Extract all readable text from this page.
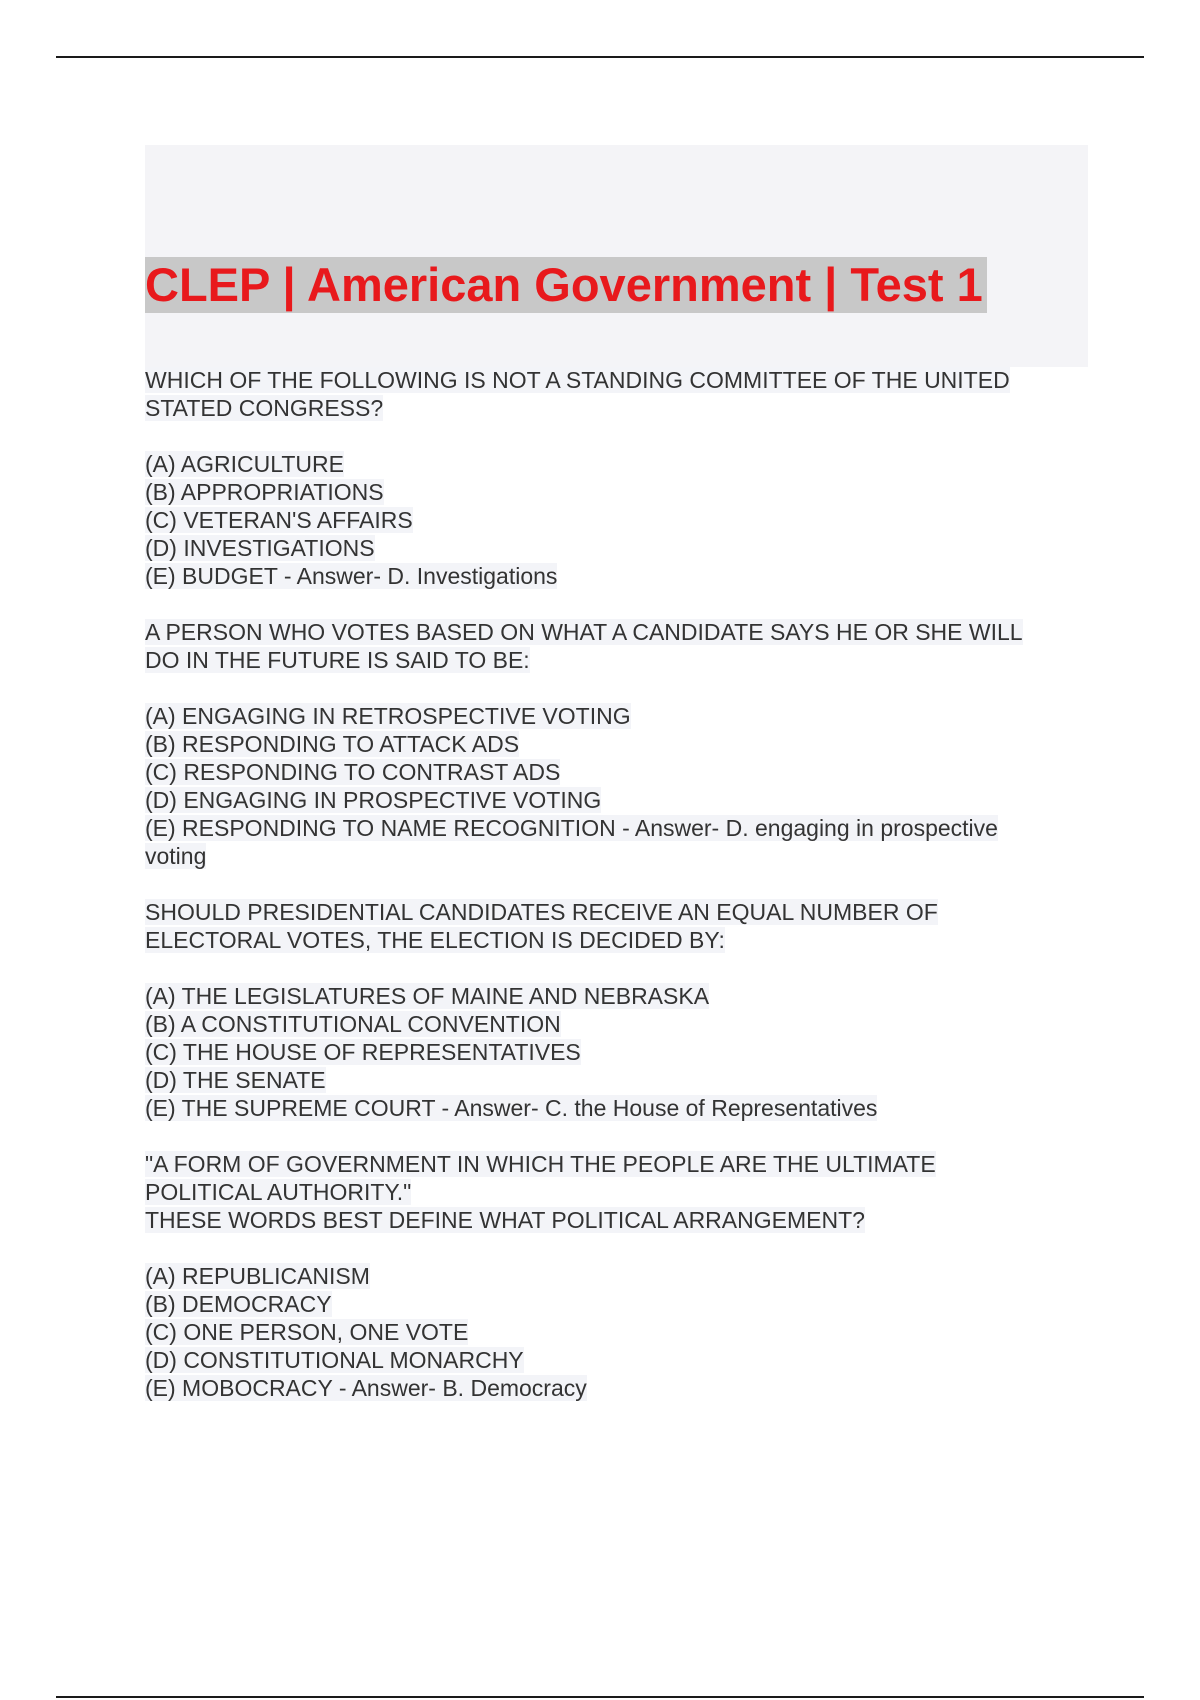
CLEP | American Government | Test 1
WHICH OF THE FOLLOWING IS NOT A STANDING COMMITTEE OF THE UNITED
STATED CONGRESS?
(A) AGRICULTURE
(B) APPROPRIATIONS
(C) VETERAN'S AFFAIRS
(D) INVESTIGATIONS
(E) BUDGET - Answer- D. Investigations
A PERSON WHO VOTES BASED ON WHAT A CANDIDATE SAYS HE OR SHE WILL
DO IN THE FUTURE IS SAID TO BE:
(A) ENGAGING IN RETROSPECTIVE VOTING
(B) RESPONDING TO ATTACK ADS
(C) RESPONDING TO CONTRAST ADS
(D) ENGAGING IN PROSPECTIVE VOTING
(E) RESPONDING TO NAME RECOGNITION - Answer- D. engaging in prospective
voting
SHOULD PRESIDENTIAL CANDIDATES RECEIVE AN EQUAL NUMBER OF
ELECTORAL VOTES, THE ELECTION IS DECIDED BY:
(A) THE LEGISLATURES OF MAINE AND NEBRASKA
(B) A CONSTITUTIONAL CONVENTION
(C) THE HOUSE OF REPRESENTATIVES
(D) THE SENATE
(E) THE SUPREME COURT - Answer- C. the House of Representatives
"A FORM OF GOVERNMENT IN WHICH THE PEOPLE ARE THE ULTIMATE
POLITICAL AUTHORITY."
THESE WORDS BEST DEFINE WHAT POLITICAL ARRANGEMENT?
(A) REPUBLICANISM
(B) DEMOCRACY
(C) ONE PERSON, ONE VOTE
(D) CONSTITUTIONAL MONARCHY
(E) MOBOCRACY - Answer- B. Democracy
